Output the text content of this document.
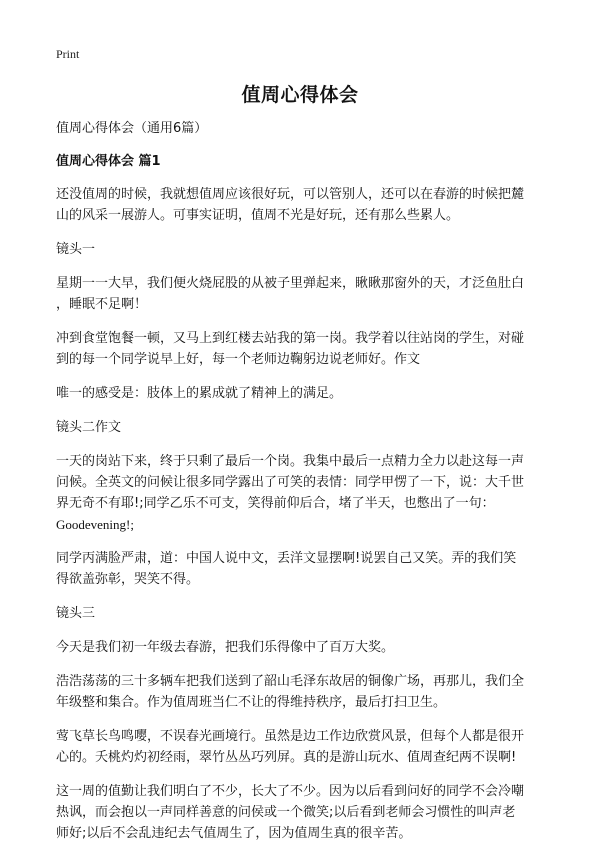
Print
值周心得体会
值周心得体会（通用6篇）
值周心得体会 篇1
还没值周的时候，我就想值周应该很好玩，可以管别人，还可以在春游的时候把麓
山的风采一展游人。可事实证明，值周不光是好玩，还有那么些累人。
镜头一
星期一一大早，我们便火烧屁股的从被子里弹起来，瞅瞅那窗外的天，才泛鱼肚白
，睡眠不足啊！
冲到食堂饱餐一顿，又马上到红楼去站我的第一岗。我学着以往站岗的学生，对碰
到的每一个同学说早上好，每一个老师边鞠躬边说老师好。作文
唯一的感受是：肢体上的累成就了精神上的满足。
镜头二作文
一天的岗站下来，终于只剩了最后一个岗。我集中最后一点精力全力以赴这每一声
问候。全英文的问候让很多同学露出了可笑的表情：同学甲愣了一下，说：大千世
界无奇不有耶!;同学乙乐不可支，笑得前仰后合，堵了半天，也憋出了一句：
Goodevening!;
同学丙满脸严肃，道：中国人说中文，丢洋文显摆啊!说罢自己又笑。弄的我们笑
得欲盖弥彰，哭笑不得。
镜头三
今天是我们初一年级去春游，把我们乐得像中了百万大奖。
浩浩荡荡的三十多辆车把我们送到了韶山毛泽东故居的铜像广场，再那儿，我们全
年级整和集合。作为值周班当仁不让的得维持秩序，最后打扫卫生。
莺飞草长鸟鸣嘤，不误春光画境行。虽然是边工作边欣赏风景，但每个人都是很开
心的。夭桃灼灼初经雨，翠竹丛丛巧列屏。真的是游山玩水、值周查纪两不误啊!
这一周的值勤让我们明白了不少，长大了不少。因为以后看到问好的同学不会冷嘲
热讽，而会抱以一声同样善意的问侯或一个微笑;以后看到老师会习惯性的叫声老
师好;以后不会乱违纪去气值周生了，因为值周生真的很辛苦。
